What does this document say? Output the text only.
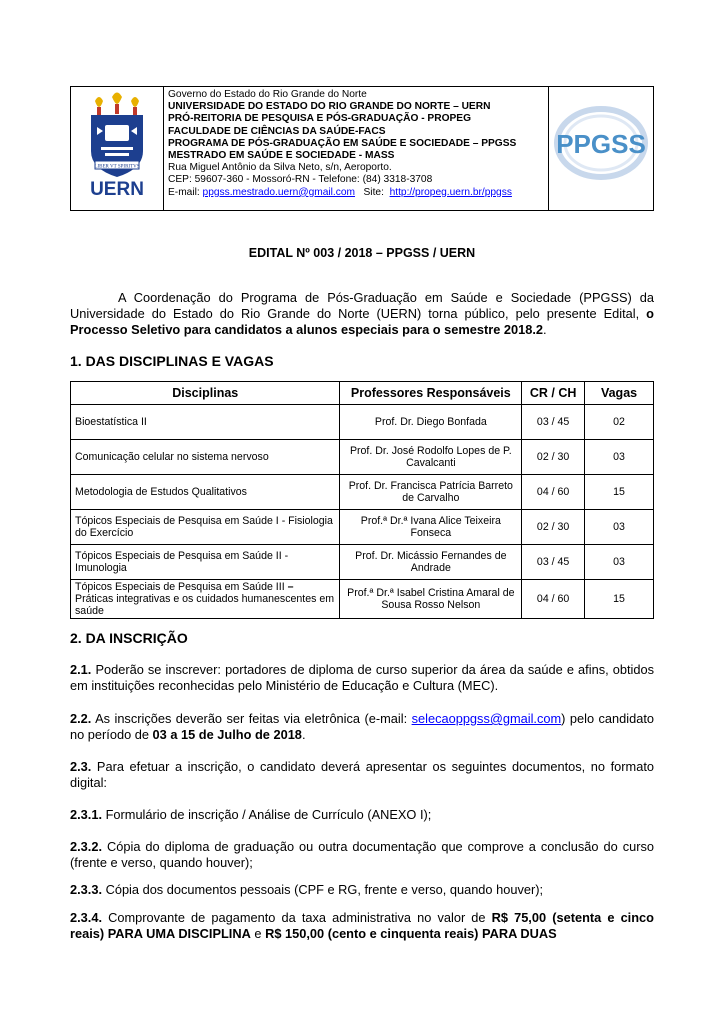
LIBER VT SPIRITVS
UERN
Governo do Estado do Rio Grande do Norte
UNIVERSIDADE DO ESTADO DO RIO GRANDE DO NORTE – UERN
PRÓ-REITORIA DE PESQUISA E PÓS-GRADUAÇÃO - PROPEG
FACULDADE DE CIÊNCIAS DA SAÚDE-FACS
PROGRAMA DE PÓS-GRADUAÇÃO EM SAÚDE E SOCIEDADE – PPGSS
MESTRADO EM SAÚDE E SOCIEDADE - MASS
Rua Miguel Antônio da Silva Neto, s/n, Aeroporto.
CEP: 59607-360 - Mossoró-RN - Telefone: (84) 3318-3708
E-mail: ppgss.mestrado.uern@gmail.com Site: http://propeg.uern.br/ppgss
PPGSS
EDITAL Nº 003 / 2018 – PPGSS / UERN
A Coordenação do Programa de Pós-Graduação em Saúde e Sociedade (PPGSS) da Universidade do Estado do Rio Grande do Norte (UERN) torna público, pelo presente Edital, o Processo Seletivo para candidatos a alunos especiais para o semestre 2018.2.
1. DAS DISCIPLINAS E VAGAS
Disciplinas	Professores Responsáveis	CR / CH	Vagas
Bioestatística II	Prof. Dr. Diego Bonfada	03 / 45	02
Comunicação celular no sistema nervoso	Prof. Dr. José Rodolfo Lopes de P. Cavalcanti	02 / 30	03
Metodologia de Estudos Qualitativos	Prof. Dr. Francisca Patrícia Barreto de Carvalho	04 / 60	15
Tópicos Especiais de Pesquisa em Saúde I - Fisiologia do Exercício	Prof.ª Dr.ª Ivana Alice Teixeira Fonseca	02 / 30	03
Tópicos Especiais de Pesquisa em Saúde II - Imunologia	Prof. Dr. Micássio Fernandes de Andrade	03 / 45	03
Tópicos Especiais de Pesquisa em Saúde III –
Práticas integrativas e os cuidados humanescentes em saúde	Prof.ª Dr.ª Isabel Cristina Amaral de Sousa Rosso Nelson	04 / 60	15
2. DA INSCRIÇÃO
2.1. Poderão se inscrever: portadores de diploma de curso superior da área da saúde e afins, obtidos em instituições reconhecidas pelo Ministério de Educação e Cultura (MEC).
2.2. As inscrições deverão ser feitas via eletrônica (e-mail: selecaoppgss@gmail.com) pelo candidato no período de 03 a 15 de Julho de 2018.
2.3. Para efetuar a inscrição, o candidato deverá apresentar os seguintes documentos, no formato digital:
2.3.1. Formulário de inscrição / Análise de Currículo (ANEXO I);
2.3.2. Cópia do diploma de graduação ou outra documentação que comprove a conclusão do curso (frente e verso, quando houver);
2.3.3. Cópia dos documentos pessoais (CPF e RG, frente e verso, quando houver);
2.3.4. Comprovante de pagamento da taxa administrativa no valor de R$ 75,00 (setenta e cinco reais) PARA UMA DISCIPLINA e R$ 150,00 (cento e cinquenta reais) PARA DUAS
